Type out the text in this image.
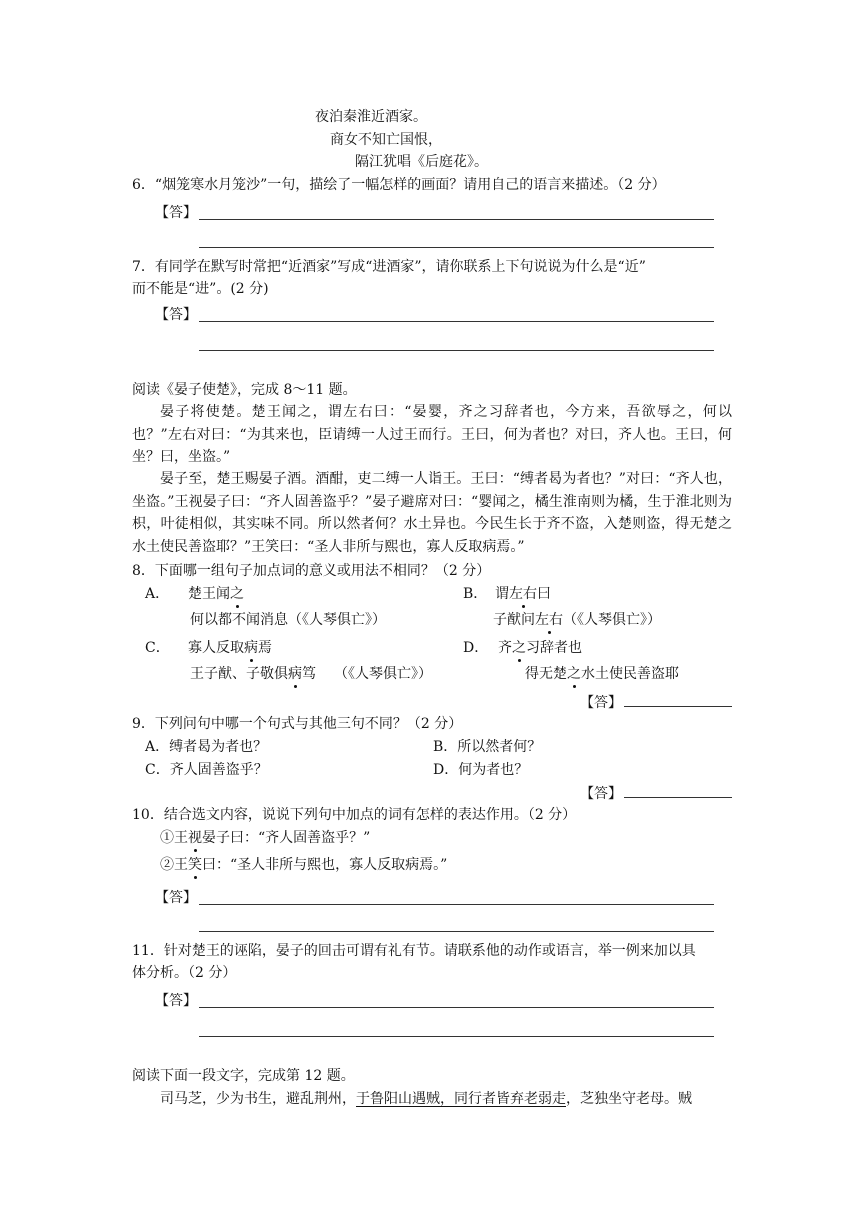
夜泊秦淮近酒家。
商女不知亡国恨，
隔江犹唱《后庭花》。
6．“烟笼寒水月笼沙”一句，描绘了一幅怎样的画面？请用自己的语言来描述。（2 分）
【答】
7．有同学在默写时常把“近酒家”写成“进酒家”，请你联系上下句说说为什么是“近”
而不能是“进”。(2 分)
【答】
阅读《晏子使楚》，完成 8～11 题。
晏子将使楚。楚王闻之，谓左右曰：“晏婴，齐之习辞者也，今方来，吾欲辱之，何以也？”左右对曰：“为其来也，臣请缚一人过王而行。王曰，何为者也？对曰，齐人也。王曰，何坐？曰，坐盗。”
晏子至，楚王赐晏子酒。酒酣，吏二缚一人诣王。王曰：“缚者曷为者也？”对曰：“齐人也，坐盗。”王视晏子曰：“齐人固善盗乎？”晏子避席对曰：“婴闻之，橘生淮南则为橘，生于淮北则为枳，叶徒相似，其实味不同。所以然者何？水土异也。今民生长于齐不盗，入楚则盗，得无楚之水土使民善盗耶？”王笑曰：“圣人非所与熙也，寡人反取病焉。”
8．下面哪一组句子加点词的意义或用法不相同？（2 分）
A． 楚王闻之
何以都不闻消息（《人琴俱亡》）
B． 谓左右曰
子猷问左右（《人琴俱亡》）
C． 寡人反取病焉
王子猷、子敬俱病笃 （《人琴俱亡》）
D． 齐之习辞者也
得无楚之水土使民善盗耶
【答】
9．下列问句中哪一个句式与其他三句不同？（2 分）
A．缚者曷为者也？	B．所以然者何？
C．齐人固善盗乎？	D．何为者也？
【答】
10．结合选文内容，说说下列句中加点的词有怎样的表达作用。（2 分）
①王视晏子曰：“齐人固善盗乎？”
②王笑曰：“圣人非所与熙也，寡人反取病焉。”
【答】
11．针对楚王的诬陷，晏子的回击可谓有礼有节。请联系他的动作或语言，举一例来加以具
体分析。（2 分）
【答】
阅读下面一段文字，完成第 12 题。
司马芝，少为书生，避乱荆州，于鲁阳山遇贼，同行者皆弃老弱走，芝独坐守老母。贼
